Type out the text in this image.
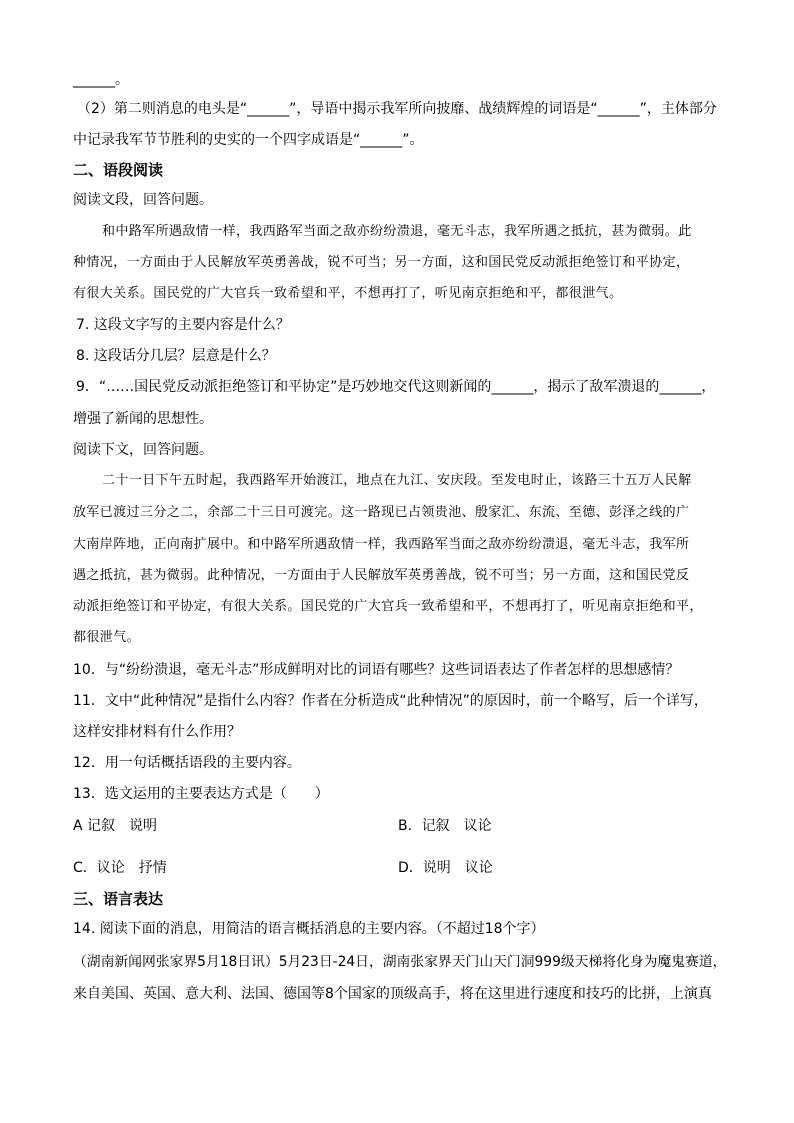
______。
（2）第二则消息的电头是“______”，导语中揭示我军所向披靡、战绩辉煌的词语是“______”，主体部分
中记录我军节节胜利的史实的一个四字成语是“______”。
二、语段阅读
阅读文段，回答问题。
和中路军所遇敌情一样，我西路军当面之敌亦纷纷溃退，毫无斗志，我军所遇之抵抗，甚为微弱。此
种情况，一方面由于人民解放军英勇善战，锐不可当；另一方面，这和国民党反动派拒绝签订和平协定，
有很大关系。国民党的广大官兵一致希望和平，不想再打了，听见南京拒绝和平，都很泄气。
7. 这段文字写的主要内容是什么？
8. 这段话分几层？层意是什么？
9．“……国民党反动派拒绝签订和平协定”是巧妙地交代这则新闻的______，揭示了敌军溃退的______，
增强了新闻的思想性。
阅读下文，回答问题。
二十一日下午五时起，我西路军开始渡江，地点在九江、安庆段。至发电时止，该路三十五万人民解
放军已渡过三分之二，余部二十三日可渡完。这一路现已占领贵池、殷家汇、东流、至德、彭泽之线的广
大南岸阵地，正向南扩展中。和中路军所遇敌情一样，我西路军当面之敌亦纷纷溃退，毫无斗志，我军所
遇之抵抗，甚为微弱。此种情况，一方面由于人民解放军英勇善战，锐不可当；另一方面，这和国民党反
动派拒绝签订和平协定，有很大关系。国民党的广大官兵一致希望和平，不想再打了，听见南京拒绝和平，
都很泄气。
10．与“纷纷溃退，毫无斗志”形成鲜明对比的词语有哪些？这些词语表达了作者怎样的思想感情？
11．文中“此种情况”是指什么内容？作者在分析造成“此种情况”的原因时，前一个略写，后一个详写，
这样安排材料有什么作用？
12．用一句话概括语段的主要内容。
13．选文运用的主要表达方式是（　　）
A 记叙　说明	B．记叙　议论
C．议论　抒情	D．说明　议论
三、语言表达
14. 阅读下面的消息，用简洁的语言概括消息的主要内容。（不超过18个字）
（湖南新闻网张家界5月18日讯）5月23日-24日，湖南张家界天门山天门洞999级天梯将化身为魔鬼赛道，
来自美国、英国、意大利、法国、德国等8个国家的顶级高手，将在这里进行速度和技巧的比拼，上演真
